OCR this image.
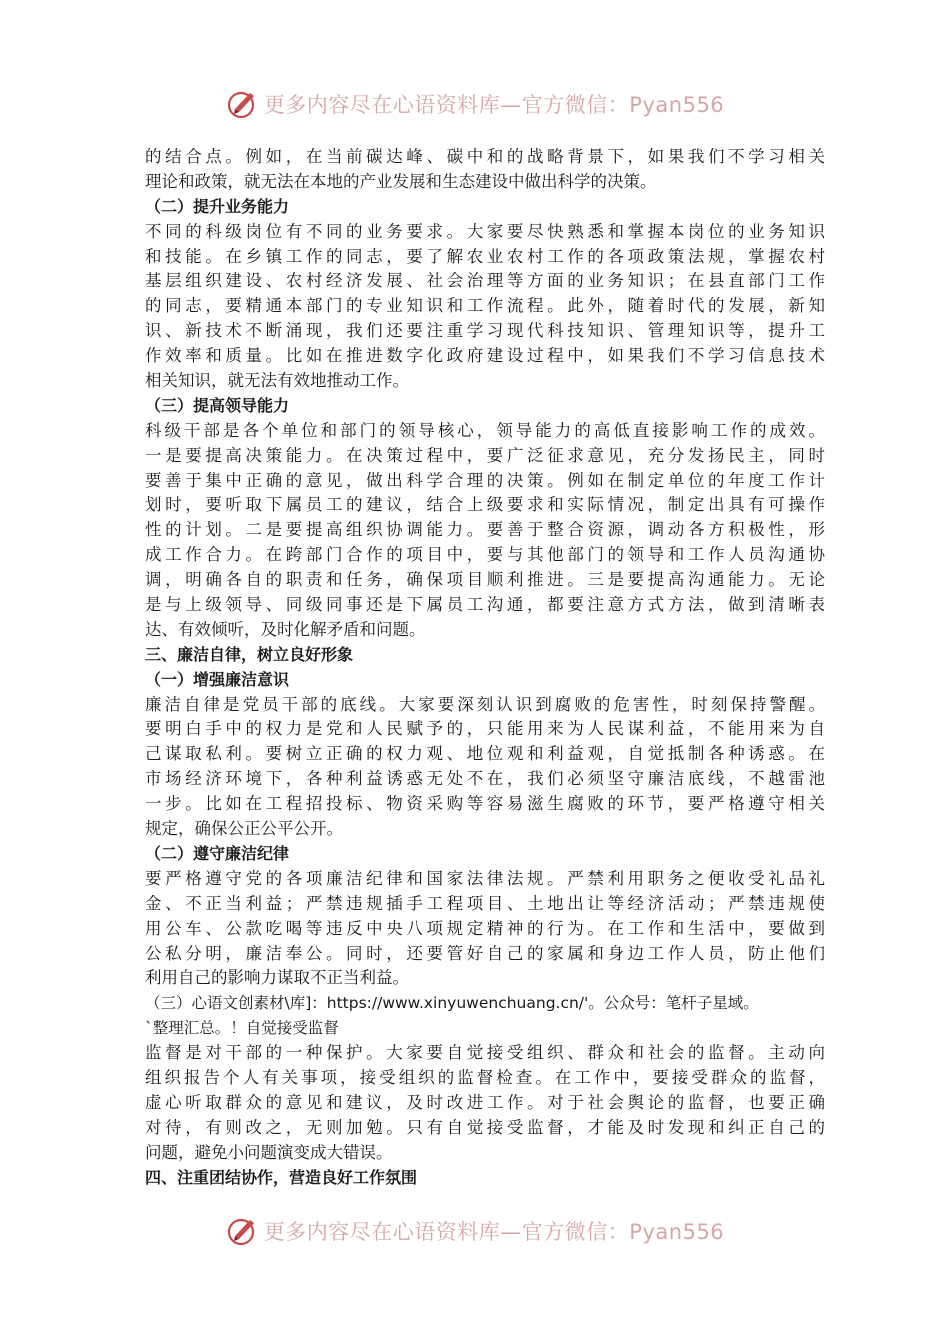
更多内容尽在心语资料库—官方微信：Pyan556
的结合点。例如，在当前碳达峰、碳中和的战略背景下，如果我们不学习相关
理论和政策，就无法在本地的产业发展和生态建设中做出科学的决策。
（二）提升业务能力
不同的科级岗位有不同的业务要求。大家要尽快熟悉和掌握本岗位的业务知识
和技能。在乡镇工作的同志，要了解农业农村工作的各项政策法规，掌握农村
基层组织建设、农村经济发展、社会治理等方面的业务知识；在县直部门工作
的同志，要精通本部门的专业知识和工作流程。此外，随着时代的发展，新知
识、新技术不断涌现，我们还要注重学习现代科技知识、管理知识等，提升工
作效率和质量。比如在推进数字化政府建设过程中，如果我们不学习信息技术
相关知识，就无法有效地推动工作。
（三）提高领导能力
科级干部是各个单位和部门的领导核心，领导能力的高低直接影响工作的成效。
一是要提高决策能力。在决策过程中，要广泛征求意见，充分发扬民主，同时
要善于集中正确的意见，做出科学合理的决策。例如在制定单位的年度工作计
划时，要听取下属员工的建议，结合上级要求和实际情况，制定出具有可操作
性的计划。二是要提高组织协调能力。要善于整合资源，调动各方积极性，形
成工作合力。在跨部门合作的项目中，要与其他部门的领导和工作人员沟通协
调，明确各自的职责和任务，确保项目顺利推进。三是要提高沟通能力。无论
是与上级领导、同级同事还是下属员工沟通，都要注意方式方法，做到清晰表
达、有效倾听，及时化解矛盾和问题。
三、廉洁自律，树立良好形象
（一）增强廉洁意识
廉洁自律是党员干部的底线。大家要深刻认识到腐败的危害性，时刻保持警醒。
要明白手中的权力是党和人民赋予的，只能用来为人民谋利益，不能用来为自
己谋取私利。要树立正确的权力观、地位观和利益观，自觉抵制各种诱惑。在
市场经济环境下，各种利益诱惑无处不在，我们必须坚守廉洁底线，不越雷池
一步。比如在工程招投标、物资采购等容易滋生腐败的环节，要严格遵守相关
规定，确保公正公平公开。
（二）遵守廉洁纪律
要严格遵守党的各项廉洁纪律和国家法律法规。严禁利用职务之便收受礼品礼
金、不正当利益；严禁违规插手工程项目、土地出让等经济活动；严禁违规使
用公车、公款吃喝等违反中央八项规定精神的行为。在工作和生活中，要做到
公私分明，廉洁奉公。同时，还要管好自己的家属和身边工作人员，防止他们
利用自己的影响力谋取不正当利益。
（三）心语文创素材\库]：https://www.xinyuwenchuang.cn/'。公众号：笔杆子星域。
`整理汇总。！自觉接受监督
监督是对干部的一种保护。大家要自觉接受组织、群众和社会的监督。主动向
组织报告个人有关事项，接受组织的监督检查。在工作中，要接受群众的监督，
虚心听取群众的意见和建议，及时改进工作。对于社会舆论的监督，也要正确
对待，有则改之，无则加勉。只有自觉接受监督，才能及时发现和纠正自己的
问题，避免小问题演变成大错误。
四、注重团结协作，营造良好工作氛围
更多内容尽在心语资料库—官方微信：Pyan556
